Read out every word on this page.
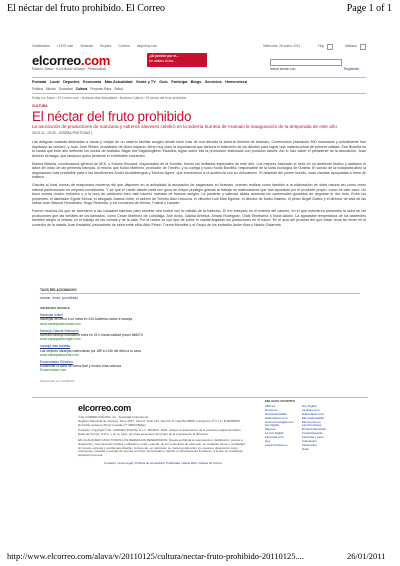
El néctar del fruto prohibido. El Correo	Page 1 of 1
Clasificados · +1870.com · Vivienda · Empleo · Coches · mujerhoy.com	Miércoles, 26 enero 2011	Hoy	Mañana
elcorreo.com
Edición: Álava · Ir a Edición Vizcaya · Personalizar
¿Al perdón por el...
Un alabeo al día...
Iniciar sesión con	Registrate
Portada Local Deportes Economía Más Actualidad Gente y TV Ocio Participa Blogs Servicios Hemeroteca
Política Mundo Sociedad Cultura Proyecto Rara Salud
Estás en: Álava › El Correo.com › Noticias Más Actualidad › Noticias Cultura › El néctar del fruto prohibido
CULTURA
El néctar del fruto prohibido
La asociación de productores de manzana y sidreros alaveses celebró en la sidrería Iturrieta de Aramaio la inauguración de la temporada de este año
26.01.11 - 02:30 - JOSEBA FRUTOSAS |

Las antiguas cuadras dedicadas a vacas y ovejas de un caserío familiar acogen desde hace más de una década la sidrería Iturrieta de Aramaio. Comenzaron plantando 800 manzanos y actualmente han duplicado su número, y Juan José Piedra, propietario de dicho espacio, tiene muy claro la importancia que atesora el txalmento de los árboles para lograr una materia prima de primera calidad. Esa filosofía es la causa que este año defiende los socios de Arabako Sagar eta Sagardogileen Elkartea, lograr sobre ella la promoción elaborada con producto alavés. Así lo hizo saber el presidente de la asociación, Juan Antonio Arrizaga, que tampoco quiso perderse el entrañable encuentro.

Marina Bálzola, coordinadora general de AEK, y Edurne Brouard, responsable de la Komika, fueron los invitados especiales de este año. Los mejores trastocan el txotx en un ambiente festivo y alabaron el labor del inicio de las primeras barricas, lo mismo que Koldo Martínez, productor de Treviño, y su colega y socio Koldo Bordiña, responsable de la sidra ecológica de Ozaeta. El sonido de la txalaparta abrió la degustación más previsible para e las bendiciones Ander Arroitabengoa y Moreno Agirre, que envolvieron a la audiencia con su virtuosismo. El despiste del primer brindis, unas viandas apropiadas a ritmo de txistera.

Gracias al local común de maquinaria moderna del que disponen en la actualidad la asociación de sagarosios en Aramaio, pueden realizar como también a la elaboración de sidra natural así como zumo natural pasteurizado en mejores condiciones. Y se que el Lahilo alavés cada vez goza de mayor prestigio gracias al trabajo de elaboradores que han apostado por el producto propio, como es este caso. Un truco cuesta mucho esfuerzo y a la hora de celebrarlo bien vale hacerlo rodeado de buenos amigos. La paciente y sabrosa alubia aumenta los comensales gustados de degustar el rico tinto. Entre los presentes, el diseñador Egoitz Murua, el abogado Joseba Uribe; el sidrero de Treviño Aitor Lekuona, el viticultor Luis Mari Eguiluz, el director de Kaiku Gasteiz, el pintor Ángel Garbiz y el director de sala de las sidras Juan Manuel Hernández, Hugo Redondo, y los cocineros de Kexira, Txakoli y Lasarte.

Fueron muchos los que se acercaron a las colosales barricas para servirse otra txotxa con la calidad de la tradición. El trío intrepido en el exterior del caserío, en el que estuvieron presentes la sidra de los productores que las señales de los llamados, como Cesar Martínez de Lahidalga, Ane Ardoi, Gaizka Arbeloa, Ainara Rodríguez, Olatz Etxebarría o Nuria Aduriz. La agradable temperatura de los asistentes tambien alegró la velada, en el trabajo de las colinas y de la sala. Por la noche se oyó que de sobre el capital llegados los productores en el futuro. En el acto del proceso del que estan vivos sin tener en el comedor de la velada Juan Kanaleta, pescadores de sidra entre ellos Aitor Pérez, Txema Mendibe y el Grupo de los invitados Ander Atxa y Nestor Galarreta.

TAGS RELACIONADOS
néctar, fruto, prohibido
ANUNCIOS GOOGLE
Naranjas online
Naranjas del árbol a su mesa en 24h Auténtico sabor a naranja
www.naranjasdeohana.com
Naranja Clausia Selección
Nuestra naranja mandarina extra en 24 h.Hasta calidad precio 666074
www.naranjasdeorigen.com
naranja mas baratas
Las mejores naranjas valencianas por 18€ en 24h del árbol a tu casa
www.naranjasbuenas.com
Escarcelador Eléctrico
Escarcelar la sidra de forma fácil y mucho más sabrosa
Escarcelador.com
Patrocinado por VOCENTO
elcorreo.com
© EL CORREO DIGITAL, S.L. Sociedad Unipersonal
Registro Mercantil de Vizcaya, Tomo 4017, Libro 0, Folio 103, Sección 8, Hoja BI-28658, Inscripción 1ª C.I.F.: B-48906587 Domicilio social en Pintor Losada nº7 48004 Bilbao
Contacto: Copyright © EL CORREO DIGITAL S.L.U. BILBAO, 2009. Incluye la advertencia de la presente página del diario Diario El Correo, S.A.U. y en su caso, de otras elementos del grupo de la empresa de la dirección.
EN CUALQUIER CASO TODOS LOS DERECHOS RESERVADOS: Queda prohibida la reproducción, distribución, puesta a disposición, comunicación pública y utilización, total o parcial, de los contenidos de esta web, en cualquier forma o modalidad, sin previa, expresa y escrita autorización, incluyendo, en particular, su mera reproducción y/o puesta a disposición como resúmenes, reseñas o revistas de prensa con fines comerciales o directa o indirectamente lucrativos, a la que se manifiesta oposición expresa.
Contacto | Aviso legal | Política de privacidad | Publicidad | Mapa Web | Master El Correo
ENLACES VOCENTO
ABC.es
El Correo
elnortedecastilla
DiarioVasco.com
elcomerciodigital.com
Sur Digital
Ideal.es
La Voz Digital
Finanzas.com
Hoy
Lasprovincias.es
Hoy Digital
La Rioja.com
DiarioVasco.com
Elnortedecastilla
Elcomercio.es
Las Provincias
El Norte Mercantil
Canal Restorán
Finanzas y peso
Autocasión
Infoempleo
Hotel
http://www.elcorreo.com/alava/v/20110125/cultura/nectar-fruto-prohibido-20110125....	26/01/2011
